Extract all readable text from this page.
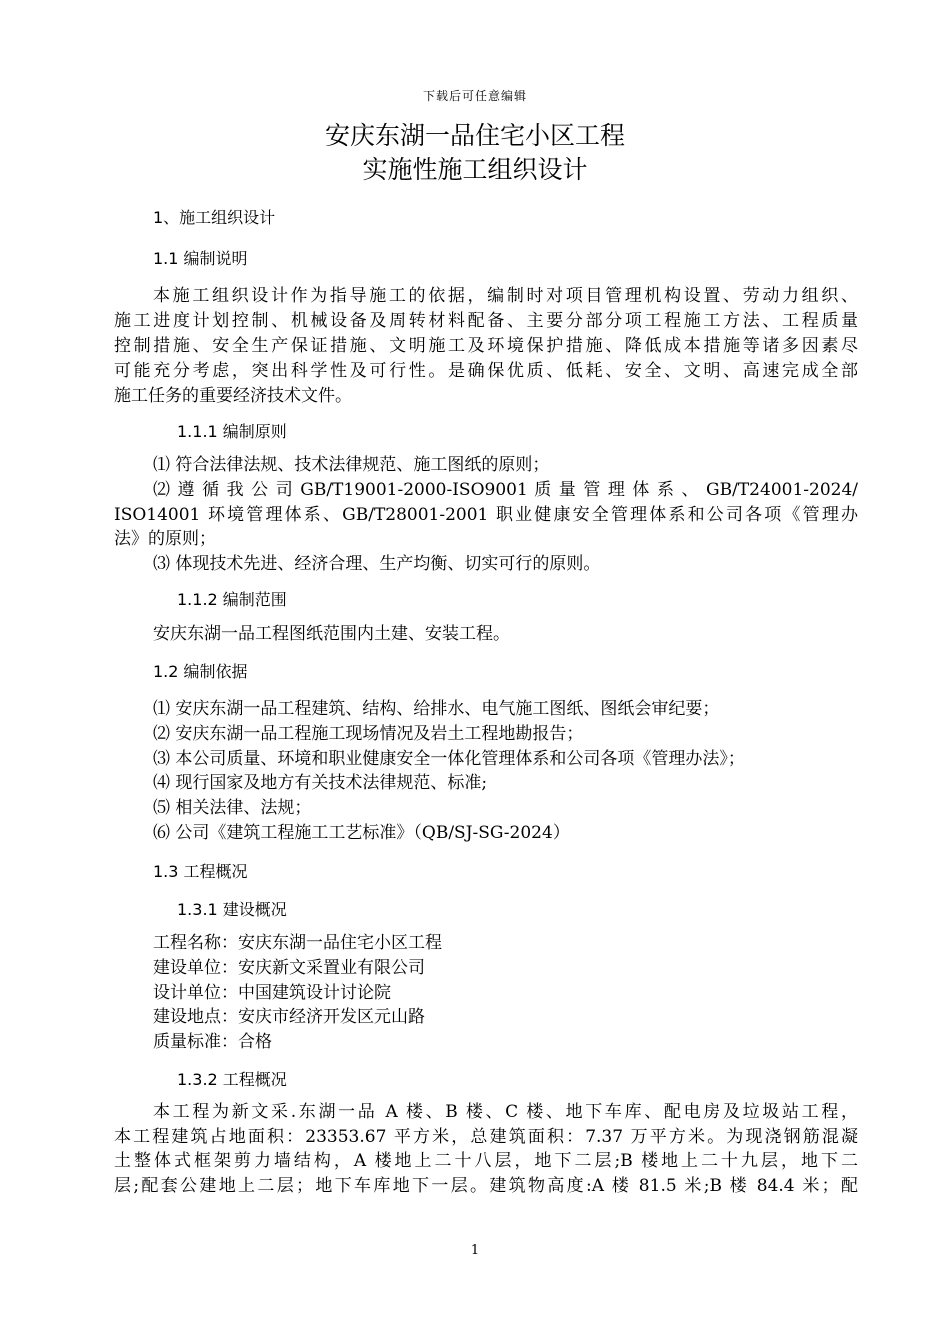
下载后可任意编辑
安庆东湖一品住宅小区工程
实施性施工组织设计
1、施工组织设计
1.1 编制说明
本施工组织设计作为指导施工的依据，编制时对项目管理机构设置、劳动力组织、
施工进度计划控制、机械设备及周转材料配备、主要分部分项工程施工方法、工程质量
控制措施、安全生产保证措施、文明施工及环境保护措施、降低成本措施等诸多因素尽
可能充分考虑，突出科学性及可行性。是确保优质、低耗、安全、文明、高速完成全部
施工任务的重要经济技术文件。
1.1.1 编制原则
⑴ 符合法律法规、技术法律规范、施工图纸的原则；
⑵ 遵 循 我 公 司 GB/T19001-2000-ISO9001 质 量 管 理 体 系 、 GB/T24001-2024/
ISO14001 环境管理体系、GB/T28001-2001 职业健康安全管理体系和公司各项《管理办
法》的原则；
⑶ 体现技术先进、经济合理、生产均衡、切实可行的原则。
1.1.2 编制范围
安庆东湖一品工程图纸范围内土建、安装工程。
1.2 编制依据
⑴ 安庆东湖一品工程建筑、结构、给排水、电气施工图纸、图纸会审纪要；
⑵ 安庆东湖一品工程施工现场情况及岩土工程地勘报告；
⑶ 本公司质量、环境和职业健康安全一体化管理体系和公司各项《管理办法》；
⑷ 现行国家及地方有关技术法律规范、标准;
⑸ 相关法律、法规；
⑹ 公司《建筑工程施工工艺标准》（QB/SJ-SG-2024）
1.3 工程概况
1.3.1 建设概况
工程名称：安庆东湖一品住宅小区工程
建设单位：安庆新文采置业有限公司
设计单位：中国建筑设计讨论院
建设地点：安庆市经济开发区元山路
质量标准：合格
1.3.2 工程概况
本工程为新文采.东湖一品 A 楼、B 楼、C 楼、地下车库、配电房及垃圾站工程，
本工程建筑占地面积：23353.67 平方米，总建筑面积：7.37 万平方米。为现浇钢筋混凝
土整体式框架剪力墙结构，A 楼地上二十八层，地下二层;B 楼地上二十九层，地下二
层;配套公建地上二层；地下车库地下一层。建筑物高度:A 楼 81.5 米;B 楼 84.4 米；配
1
